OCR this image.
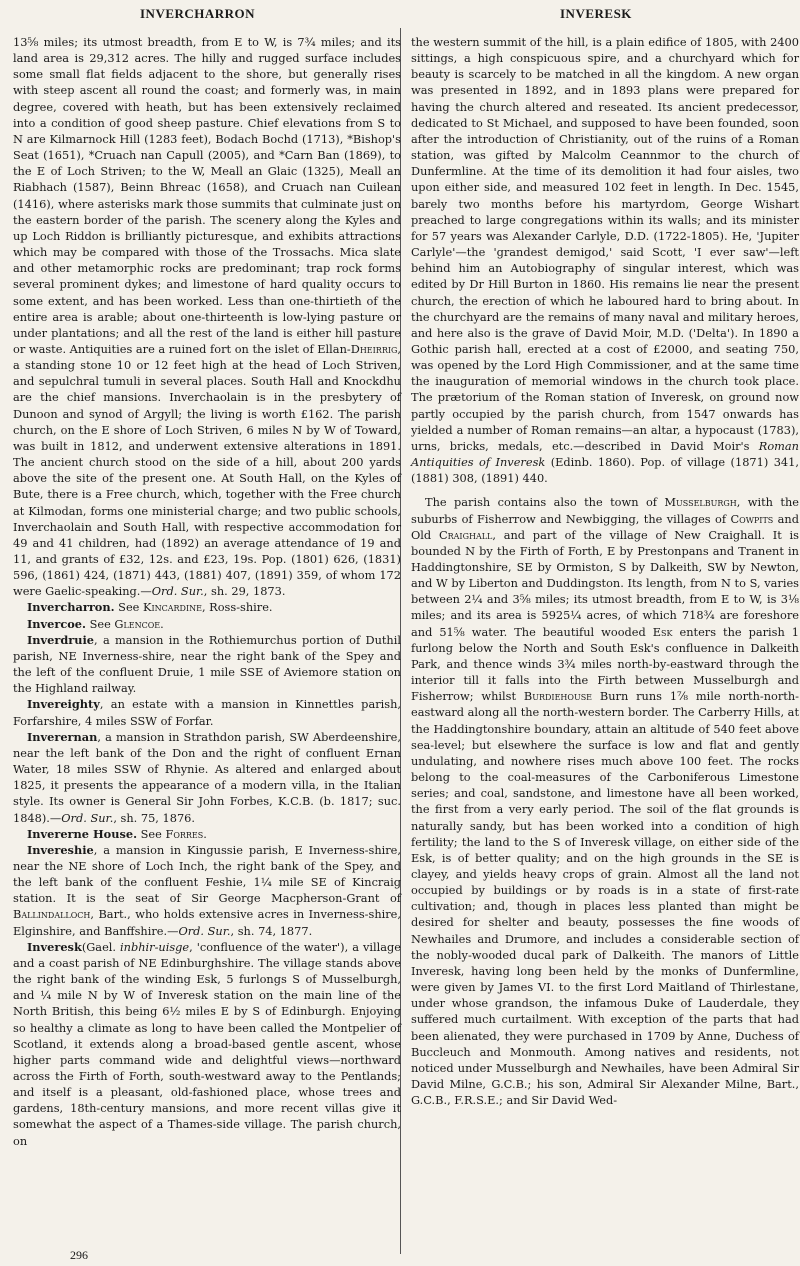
INVERCHARRON	INVERESK

13⅝ miles; its utmost breadth, from E to W, is 7¾ miles; and its land area is 29,312 acres. The hilly and rugged surface includes some small flat fields adjacent to the shore, but generally rises with steep ascent all round the coast; and formerly was, in main degree, covered with heath, but has been extensively reclaimed into a condition of good sheep pasture. Chief elevations from S to N are Kilmarnock Hill (1283 feet), Bodach Bochd (1713), *Bishop's Seat (1651), *Cruach nan Capull (2005), and *Carn Ban (1869), to the E of Loch Striven; to the W, Meall an Glaic (1325), Meall an Riabhach (1587), Beinn Bhreac (1658), and Cruach nan Cuilean (1416), where asterisks mark those summits that culminate just on the eastern border of the parish. The scenery along the Kyles and up Loch Riddon is brilliantly picturesque, and exhibits attractions which may be compared with those of the Trossachs. Mica slate and other metamorphic rocks are predominant; trap rock forms several prominent dykes; and limestone of hard quality occurs to some extent, and has been worked. Less than one-thirtieth of the entire area is arable; about one-thirteenth is low-lying pasture or under plantations; and all the rest of the land is either hill pasture or waste. Antiquities are a ruined fort on the islet of Ellan-Dheirrig, a standing stone 10 or 12 feet high at the head of Loch Striven, and sepulchral tumuli in several places. South Hall and Knockdhu are the chief mansions. Inverchaolain is in the presbytery of Dunoon and synod of Argyll; the living is worth £162. The parish church, on the E shore of Loch Striven, 6 miles N by W of Toward, was built in 1812, and underwent extensive alterations in 1891. The ancient church stood on the side of a hill, about 200 yards above the site of the present one. At South Hall, on the Kyles of Bute, there is a Free church, which, together with the Free church at Kilmodan, forms one ministerial charge; and two public schools, Inverchaolain and South Hall, with respective accommodation for 49 and 41 children, had (1892) an average attendance of 19 and 11, and grants of £32, 12s. and £23, 19s. Pop. (1801) 626, (1831) 596, (1861) 424, (1871) 443, (1881) 407, (1891) 359, of whom 172 were Gaelic-speaking.—Ord. Sur., sh. 29, 1873.

Invercharron. See Kincardine, Ross-shire.

Invercoe. See Glencoe.

Inverdruie, a mansion in the Rothiemurchus portion of Duthil parish, NE Inverness-shire, near the right bank of the Spey and the left of the confluent Druie, 1 mile SSE of Aviemore station on the Highland railway.

Invereighty, an estate with a mansion in Kinnettles parish, Forfarshire, 4 miles SSW of Forfar.

Inverernan, a mansion in Strathdon parish, SW Aberdeenshire, near the left bank of the Don and the right of confluent Ernan Water, 18 miles SSW of Rhynie. As altered and enlarged about 1825, it presents the appearance of a modern villa, in the Italian style. Its owner is General Sir John Forbes, K.C.B. (b. 1817; suc. 1848).—Ord. Sur., sh. 75, 1876.

Invererne House. See Forres.

Invereshie, a mansion in Kingussie parish, E Inverness-shire, near the NE shore of Loch Inch, the right bank of the Spey, and the left bank of the confluent Feshie, 1¼ mile SE of Kincraig station. It is the seat of Sir George Macpherson-Grant of Ballindalloch, Bart., who holds extensive acres in Inverness-shire, Elginshire, and Banffshire.—Ord. Sur., sh. 74, 1877.

Inveresk(Gael. inbhir-uisge, 'confluence of the water'), a village and a coast parish of NE Edinburghshire. The village stands above the right bank of the winding Esk, 5 furlongs S of Musselburgh, and ¼ mile N by W of Inveresk station on the main line of the North British, this being 6½ miles E by S of Edinburgh. Enjoying so healthy a climate as long to have been called the Montpelier of Scotland, it extends along a broad-based gentle ascent, whose higher parts command wide and delightful views—northward across the Firth of Forth, south-westward away to the Pentlands; and itself is a pleasant, old-fashioned place, whose trees and gardens, 18th-century mansions, and more recent villas give it somewhat the aspect of a Thames-side village. The parish church, on

the western summit of the hill, is a plain edifice of 1805, with 2400 sittings, a high conspicuous spire, and a churchyard which for beauty is scarcely to be matched in all the kingdom. A new organ was presented in 1892, and in 1893 plans were prepared for having the church altered and reseated. Its ancient predecessor, dedicated to St Michael, and supposed to have been founded, soon after the introduction of Christianity, out of the ruins of a Roman station, was gifted by Malcolm Ceannmor to the church of Dunfermline. At the time of its demolition it had four aisles, two upon either side, and measured 102 feet in length. In Dec. 1545, barely two months before his martyrdom, George Wishart preached to large congregations within its walls; and its minister for 57 years was Alexander Carlyle, D.D. (1722-1805). He, 'Jupiter Carlyle'—the 'grandest demigod,' said Scott, 'I ever saw'—left behind him an Autobiography of singular interest, which was edited by Dr Hill Burton in 1860. His remains lie near the present church, the erection of which he laboured hard to bring about. In the churchyard are the remains of many naval and military heroes, and here also is the grave of David Moir, M.D. ('Delta'). In 1890 a Gothic parish hall, erected at a cost of £2000, and seating 750, was opened by the Lord High Commissioner, and at the same time the inauguration of memorial windows in the church took place. The prætorium of the Roman station of Inveresk, on ground now partly occupied by the parish church, from 1547 onwards has yielded a number of Roman remains—an altar, a hypocaust (1783), urns, bricks, medals, etc.—described in David Moir's Roman Antiquities of Inveresk (Edinb. 1860). Pop. of village (1871) 341, (1881) 308, (1891) 440.

The parish contains also the town of Musselburgh, with the suburbs of Fisherrow and Newbigging, the villages of Cowpits and Old Craighall, and part of the village of New Craighall. It is bounded N by the Firth of Forth, E by Prestonpans and Tranent in Haddingtonshire, SE by Ormiston, S by Dalkeith, SW by Newton, and W by Liberton and Duddingston. Its length, from N to S, varies between 2¼ and 3⅝ miles; its utmost breadth, from E to W, is 3⅛ miles; and its area is 5925¼ acres, of which 718¾ are foreshore and 51⅝ water. The beautiful wooded Esk enters the parish 1 furlong below the North and South Esk's confluence in Dalkeith Park, and thence winds 3¾ miles north-by-eastward through the interior till it falls into the Firth between Musselburgh and Fisherrow; whilst Burdiehouse Burn runs 1⅞ mile north-north-eastward along all the north-western border. The Carberry Hills, at the Haddingtonshire boundary, attain an altitude of 540 feet above sea-level; but elsewhere the surface is low and flat and gently undulating, and nowhere rises much above 100 feet. The rocks belong to the coal-measures of the Carboniferous Limestone series; and coal, sandstone, and limestone have all been worked, the first from a very early period. The soil of the flat grounds is naturally sandy, but has been worked into a condition of high fertility; the land to the S of Inveresk village, on either side of the Esk, is of better quality; and on the high grounds in the SE is clayey, and yields heavy crops of grain. Almost all the land not occupied by buildings or by roads is in a state of first-rate cultivation; and, though in places less planted than might be desired for shelter and beauty, possesses the fine woods of Newhailes and Drumore, and includes a considerable section of the nobly-wooded ducal park of Dalkeith. The manors of Little Inveresk, having long been held by the monks of Dunfermline, were given by James VI. to the first Lord Maitland of Thirlestane, under whose grandson, the infamous Duke of Lauderdale, they suffered much curtailment. With exception of the parts that had been alienated, they were purchased in 1709 by Anne, Duchess of Buccleuch and Monmouth. Among natives and residents, not noticed under Musselburgh and Newhailes, have been Admiral Sir David Milne, G.C.B.; his son, Admiral Sir Alexander Milne, Bart., G.C.B., F.R.S.E.; and Sir David Wed-

296
